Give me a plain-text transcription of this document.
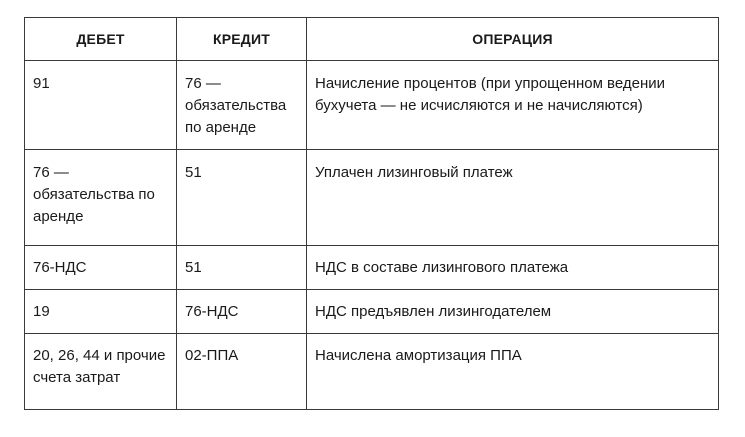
ДЕБЕТ	КРЕДИТ	ОПЕРАЦИЯ

91	76 — обязательства по аренде	Начисление процентов (при упрощенном ведении бухучета — не исчисляются и не начисляются)

76 — обязательства по аренде	51	Уплачен лизинговый платеж

76-НДС	51	НДС в составе лизингового платежа

19	76-НДС	НДС предъявлен лизингодателем

20, 26, 44 и прочие счета затрат	02-ППА	Начислена амортизация ППА
